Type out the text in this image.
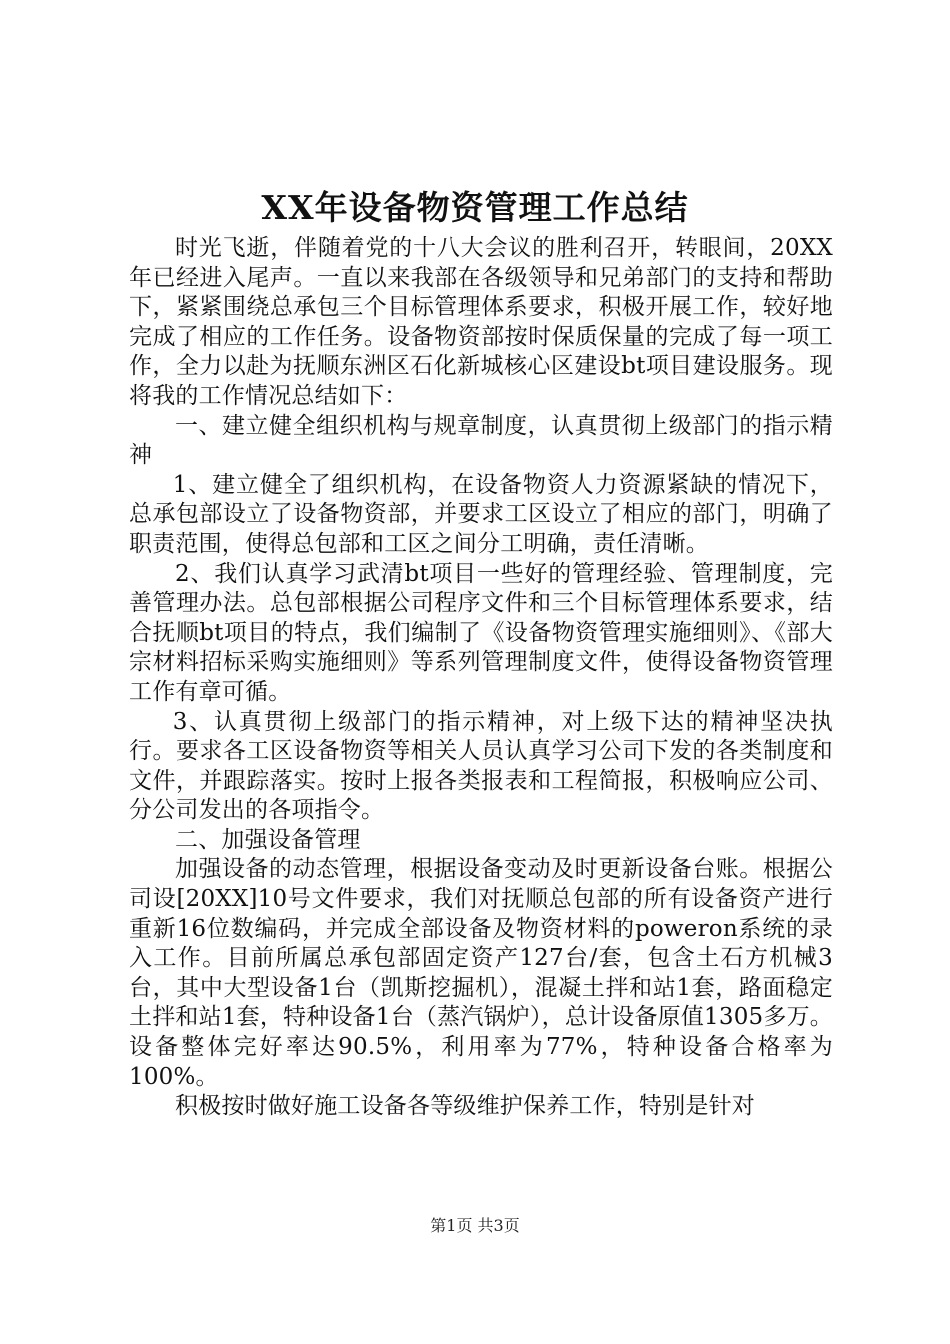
XX年设备物资管理工作总结

时光飞逝，伴随着党的十八大会议的胜利召开，转眼间，20XX年已经进入尾声。一直以来我部在各级领导和兄弟部门的支持和帮助下，紧紧围绕总承包三个目标管理体系要求，积极开展工作，较好地完成了相应的工作任务。设备物资部按时保质保量的完成了每一项工作，全力以赴为抚顺东洲区石化新城核心区建设bt项目建设服务。现将我的工作情况总结如下：

一、建立健全组织机构与规章制度，认真贯彻上级部门的指示精神

1、建立健全了组织机构，在设备物资人力资源紧缺的情况下，总承包部设立了设备物资部，并要求工区设立了相应的部门，明确了职责范围，使得总包部和工区之间分工明确，责任清晰。

2、我们认真学习武清bt项目一些好的管理经验、管理制度，完善管理办法。总包部根据公司程序文件和三个目标管理体系要求，结合抚顺bt项目的特点，我们编制了《设备物资管理实施细则》、《部大宗材料招标采购实施细则》等系列管理制度文件，使得设备物资管理工作有章可循。

3、认真贯彻上级部门的指示精神，对上级下达的精神坚决执行。要求各工区设备物资等相关人员认真学习公司下发的各类制度和文件，并跟踪落实。按时上报各类报表和工程简报，积极响应公司、分公司发出的各项指令。

二、加强设备管理

加强设备的动态管理，根据设备变动及时更新设备台账。根据公司设[20XX]10号文件要求，我们对抚顺总包部的所有设备资产进行重新16位数编码，并完成全部设备及物资材料的poweron系统的录入工作。目前所属总承包部固定资产127台/套，包含土石方机械3台，其中大型设备1台（凯斯挖掘机），混凝土拌和站1套，路面稳定土拌和站1套，特种设备1台（蒸汽锅炉），总计设备原值1305多万。设备整体完好率达90.5%，利用率为77%，特种设备合格率为100%。

积极按时做好施工设备各等级维护保养工作，特别是针对

第1页 共3页
